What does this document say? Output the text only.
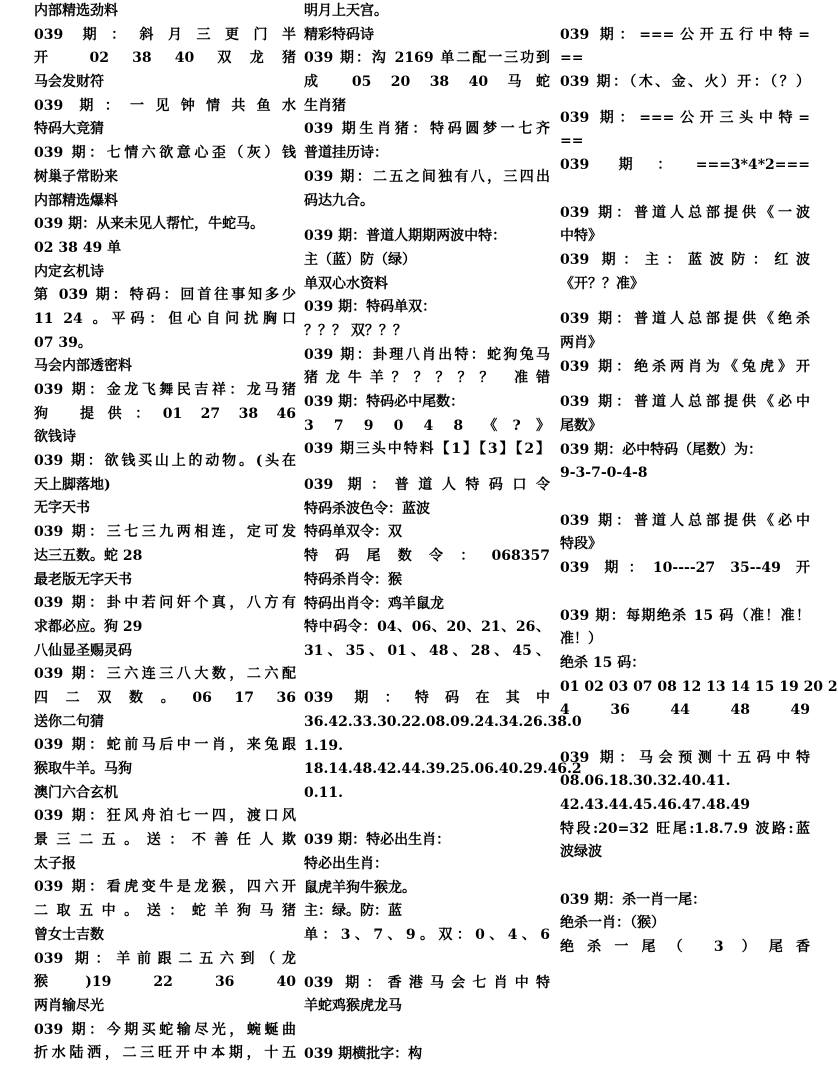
内部精选劲料
039 期：斜月三更门半
开 02 38 40 双龙猪
马会发财符
039 期：一见钟情共鱼水
特码大竞猜
039 期：七情六欲意心歪（灰）钱
树巢子常盼来
内部精选爆料
039 期：从来未见人帮忙，牛蛇马。
02 38 49 单
内定玄机诗
第 039 期：特码：回首往事知多少
11 24 。平码：但心自问扰胸口
07 39。
马会内部透密料
039 期：金龙飞舞民吉祥：龙马猪
狗 提供：01 27 38 46
欲钱诗
039 期：欲钱买山上的动物。(头在
天上脚落地)
无字天书
039 期：三七三九两相连，定可发
达三五数。蛇 28
最老版无字天书
039 期：卦中若问奸个真，八方有
求都必应。狗 29
八仙显圣赐灵码
039 期：三六连三八大数，二六配
四二双数。06 17 36
送你二句猜
039 期：蛇前马后中一肖，来兔跟
猴取牛羊。马狗
澳门六合玄机
039 期：狂风舟泊七一四，渡口风
景三二五。送：不善任人欺
太子报
039 期：看虎变牛是龙猴，四六开
二取五中。送：蛇羊狗马猪
曾女士吉数
039 期：羊前跟二五六到（龙
猴)19 22 36 40
两肖输尽光
039 期：今期买蛇输尽光，蜿蜒曲
折水陆洒，二三旺开中本期，十五
明月上天宫。
精彩特码诗
039 期：沟 2169 单二配一三功到
成 05 20 38 40 马蛇
生肖猪
039 期生肖猪：特码圆梦一七齐
普道挂历诗：
039 期：二五之间独有八，三四出
码达九合。
039 期：普道人期期两波中特：
主（蓝）防（绿）
单双心水资料
039 期：特码单双：
？？？ 双？？？
039 期：卦理八肖出特：蛇狗兔马
猪龙牛羊？？？？？ 准错
039 期：特码必中尾数：
3 7 9 0 4 8 《?》
039 期三头中特料【1】【3】【2】
039 期：普道人特码口令
特码杀波色令：蓝波
特码单双令：双
特码尾数令：068357
特码杀肖令：猴
特码出肖令：鸡羊鼠龙
特中码令：04、06、20、21、26、
31、35、01、48、28、45、
039 期：特码在其中
36.42.33.30.22.08.09.24.34.26.38.0
1.19.
18.14.48.42.44.39.25.06.40.29.46.2
0.11.
039 期：特必出生肖：
特必出生肖：
鼠虎羊狗牛猴龙。
主：绿。防：蓝
单：3、7、9。双：0、4、6
039 期：香港马会七肖中特
羊蛇鸡猴虎龙马
039 期横批字：构
039 期：===公开五行中特=
==
039 期：（木、金、火）开：（？）
039 期：===公开三头中特=
==
039 期：===3*4*2===
039 期：普道人总部提供《一波
中特》
039 期：主：蓝波防：红波
《开？？准》
039 期：普道人总部提供《绝杀
两肖》
039 期：绝杀两肖为《兔虎》开
039 期：普道人总部提供《必中
尾数》
039 期：必中特码（尾数）为：
9-3-7-0-4-8
039 期：普道人总部提供《必中
特段》
039 期：10----27 35--49 开
039 期：每期绝杀 15 码（准！准！
准！）
绝杀 15 码：
01 02 03 07 08 12 13 14 15 19 20 2
4 36 44 48 49
039 期：马会预测十五码中特
08.06.18.30.32.40.41.
42.43.44.45.46.47.48.49
特段:20=32 旺尾:1.8.7.9 波路:蓝
波绿波
039 期：杀一肖一尾：
绝杀一肖：（猴）
绝杀一尾（ 3 ）尾香
